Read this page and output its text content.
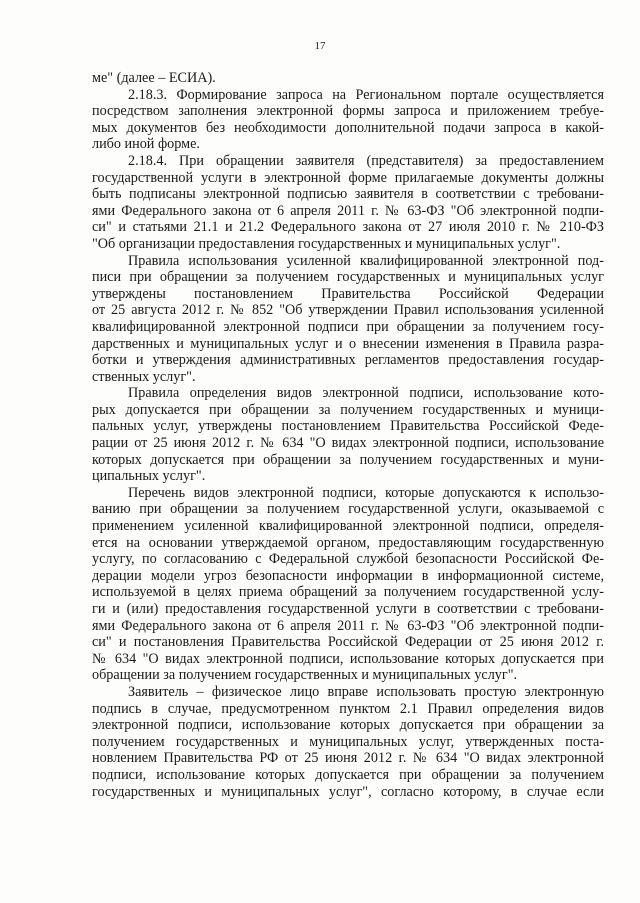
17
ме" (далее – ЕСИА).
2.18.3. Формирование запроса на Региональном портале осуществляется
посредством заполнения электронной формы запроса и приложением требуе-
мых документов без необходимости дополнительной подачи запроса в какой-
либо иной форме.
2.18.4. При обращении заявителя (представителя) за предоставлением
государственной услуги в электронной форме прилагаемые документы должны
быть подписаны электронной подписью заявителя в соответствии с требовани-
ями Федерального закона от 6 апреля 2011 г. № 63-ФЗ "Об электронной подпи-
си" и статьями 21.1 и 21.2 Федерального закона от 27 июля 2010 г. № 210-ФЗ
"Об организации предоставления государственных и муниципальных услуг".
Правила использования усиленной квалифицированной электронной под-
писи при обращении за получением государственных и муниципальных услуг
утверждены постановлением Правительства Российской Федерации
от 25 августа 2012 г. № 852 "Об утверждении Правил использования усиленной
квалифицированной электронной подписи при обращении за получением госу-
дарственных и муниципальных услуг и о внесении изменения в Правила разра-
ботки и утверждения административных регламентов предоставления государ-
ственных услуг".
Правила определения видов электронной подписи, использование кото-
рых допускается при обращении за получением государственных и муници-
пальных услуг, утверждены постановлением Правительства Российской Феде-
рации от 25 июня 2012 г. № 634 "О видах электронной подписи, использование
которых допускается при обращении за получением государственных и муни-
ципальных услуг".
Перечень видов электронной подписи, которые допускаются к использо-
ванию при обращении за получением государственной услуги, оказываемой с
применением усиленной квалифицированной электронной подписи, определя-
ется на основании утверждаемой органом, предоставляющим государственную
услугу, по согласованию с Федеральной службой безопасности Российской Фе-
дерации модели угроз безопасности информации в информационной системе,
используемой в целях приема обращений за получением государственной услу-
ги и (или) предоставления государственной услуги в соответствии с требовани-
ями Федерального закона от 6 апреля 2011 г. № 63-ФЗ "Об электронной подпи-
си" и постановления Правительства Российской Федерации от 25 июня 2012 г.
№ 634 "О видах электронной подписи, использование которых допускается при
обращении за получением государственных и муниципальных услуг".
Заявитель – физическое лицо вправе использовать простую электронную
подпись в случае, предусмотренном пунктом 2.1 Правил определения видов
электронной подписи, использование которых допускается при обращении за
получением государственных и муниципальных услуг, утвержденных поста-
новлением Правительства РФ от 25 июня 2012 г. № 634 "О видах электронной
подписи, использование которых допускается при обращении за получением
государственных и муниципальных услуг", согласно которому, в случае если
